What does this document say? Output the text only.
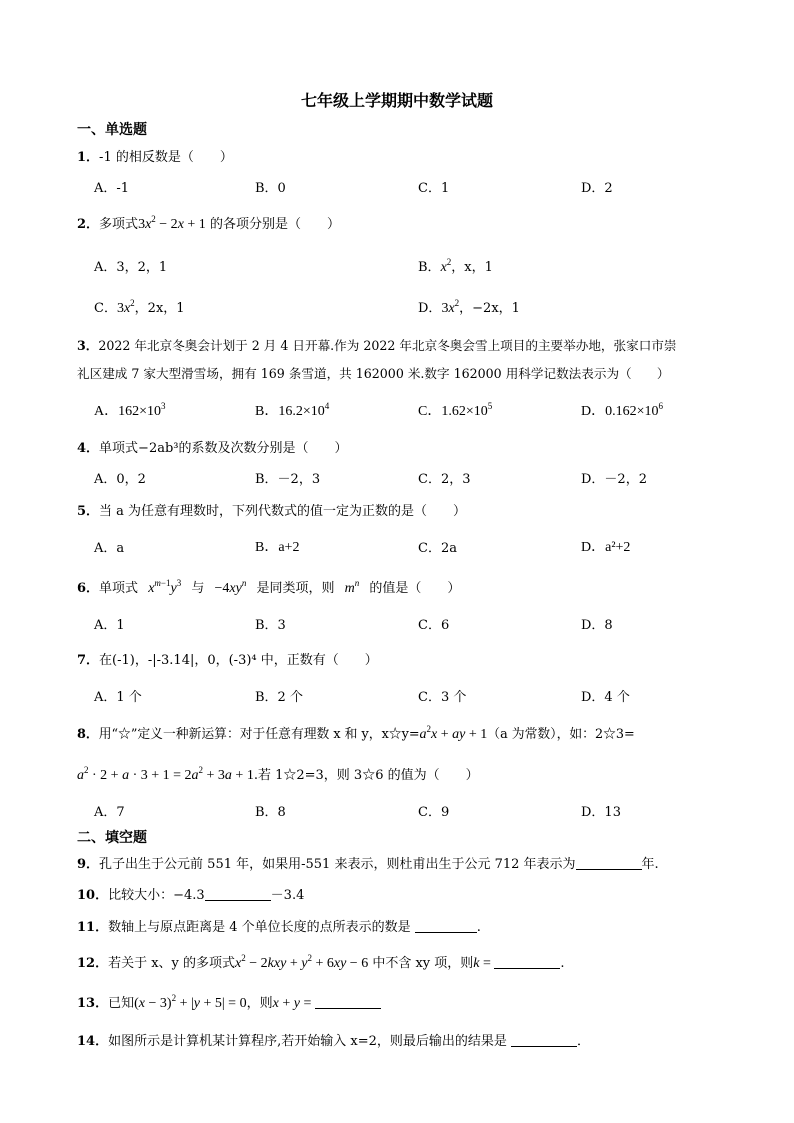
七年级上学期期中数学试题
一、单选题
1．-1 的相反数是（　　）
A．-1	B．0	C．1	D．2
2．多项式$3x^2 - 2x + 1$ 的各项分别是（　　）
A．3，2，1	B．$x^2$，x，1
C．$3x^2$，2x，1	D．$3x^2$，−2x，1
3．2022 年北京冬奥会计划于 2 月 4 日开幕.作为 2022 年北京冬奥会雪上项目的主要举办地，张家口市崇
礼区建成 7 家大型滑雪场，拥有 169 条雪道，共 162000 米.数字 162000 用科学记数法表示为（　　）
A．$162\times 10^3$	B．$16.2\times 10^4$	C．$1.62\times 10^5$	D．$0.162\times 10^6$
4．单项式−2ab³的系数及次数分别是（　　）
A．0，2	B．－2，3	C．2，3	D．－2，2
5．当 a 为任意有理数时，下列代数式的值一定为正数的是（　　）
A．a	B．a+2	C．2a	D．a²+2
6．单项式 $x^{m-1}y^3$ 与 $-4xy^n$ 是同类项，则 $m^n$ 的值是（　　）
A．1	B．3	C．6	D．8
7．在(-1)，-|-3.14|，0，(-3)⁴ 中，正数有（　　）
A．1 个	B．2 个	C．3 个	D．4 个
8．用“☆”定义一种新运算：对于任意有理数 x 和 y，$x☆y=a^2x$ + ay + 1（a 为常数），如：2☆3=
$a^2 \cdot 2 + a \cdot 3 + 1 = 2a^2 + 3a + 1$.若 1☆2=3，则 3☆6 的值为（　　）
A．7	B．8	C．9	D．13
二、填空题
9．孔子出生于公元前 551 年，如果用-551 来表示，则杜甫出生于公元 712 年表示为	年.
10．比较大小：−4.3	－3.4
11．数轴上与原点距离是 4 个单位长度的点所表示的数是	.
12．若关于 x、y 的多项式$x^2 - 2kxy + y^2 + 6xy - 6$ 中不含 xy 项，则k =	.
13．已知$(x - 3)^2 + |y + 5| = 0$，则x + y =
14．如图所示是计算机某计算程序,若开始输入 x=2，则最后输出的结果是	．
